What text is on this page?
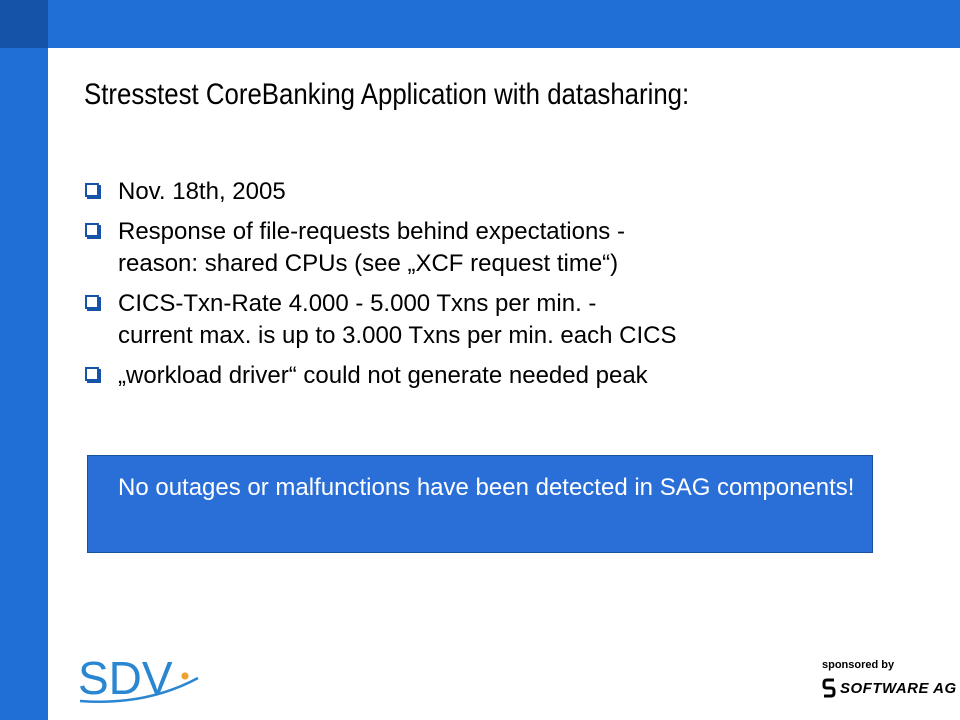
Stresstest CoreBanking Application with datasharing:
Nov. 18th, 2005
Response of file-requests behind expectations -
reason: shared CPUs (see „XCF request time“)
CICS-Txn-Rate 4.000 - 5.000 Txns per min. -
current max. is up to 3.000 Txns per min. each CICS
„workload driver“ could not generate needed peak
No outages or malfunctions have been detected in SAG components!
SDV	sponsored by
SOFTWARE AG
